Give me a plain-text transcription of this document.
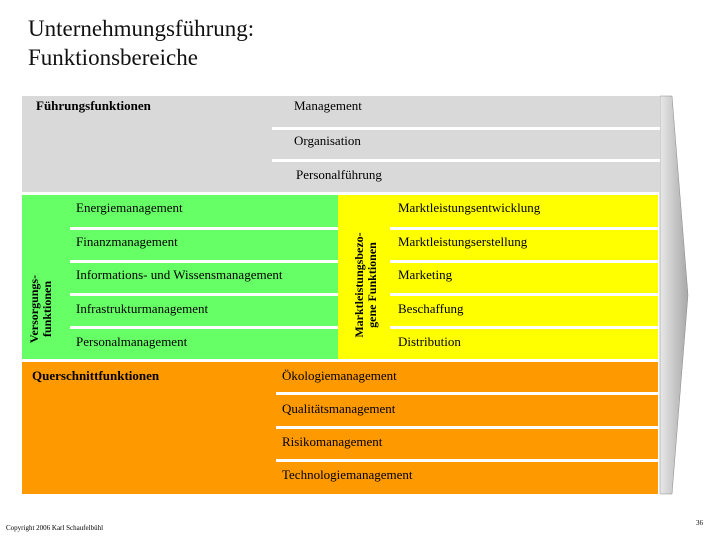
Unternehmungsführung:
Funktionsbereiche
Führungsfunktionen	Management
Organisation
Personalführung
Versorgungs- funktionen
Energiemanagement
Finanzmanagement
Informations- und Wissensmanagement
Infrastrukturmanagement
Personalmanagement
Marktleistungsbezo- gene Funktionen
Marktleistungsentwicklung
Marktleistungserstellung
Marketing
Beschaffung
Distribution
Querschnittfunktionen	Ökologiemanagement
Qualitätsmanagement
Risikomanagement
Technologiemanagement
Copyright 2006 Karl Schaufelbühl
36
